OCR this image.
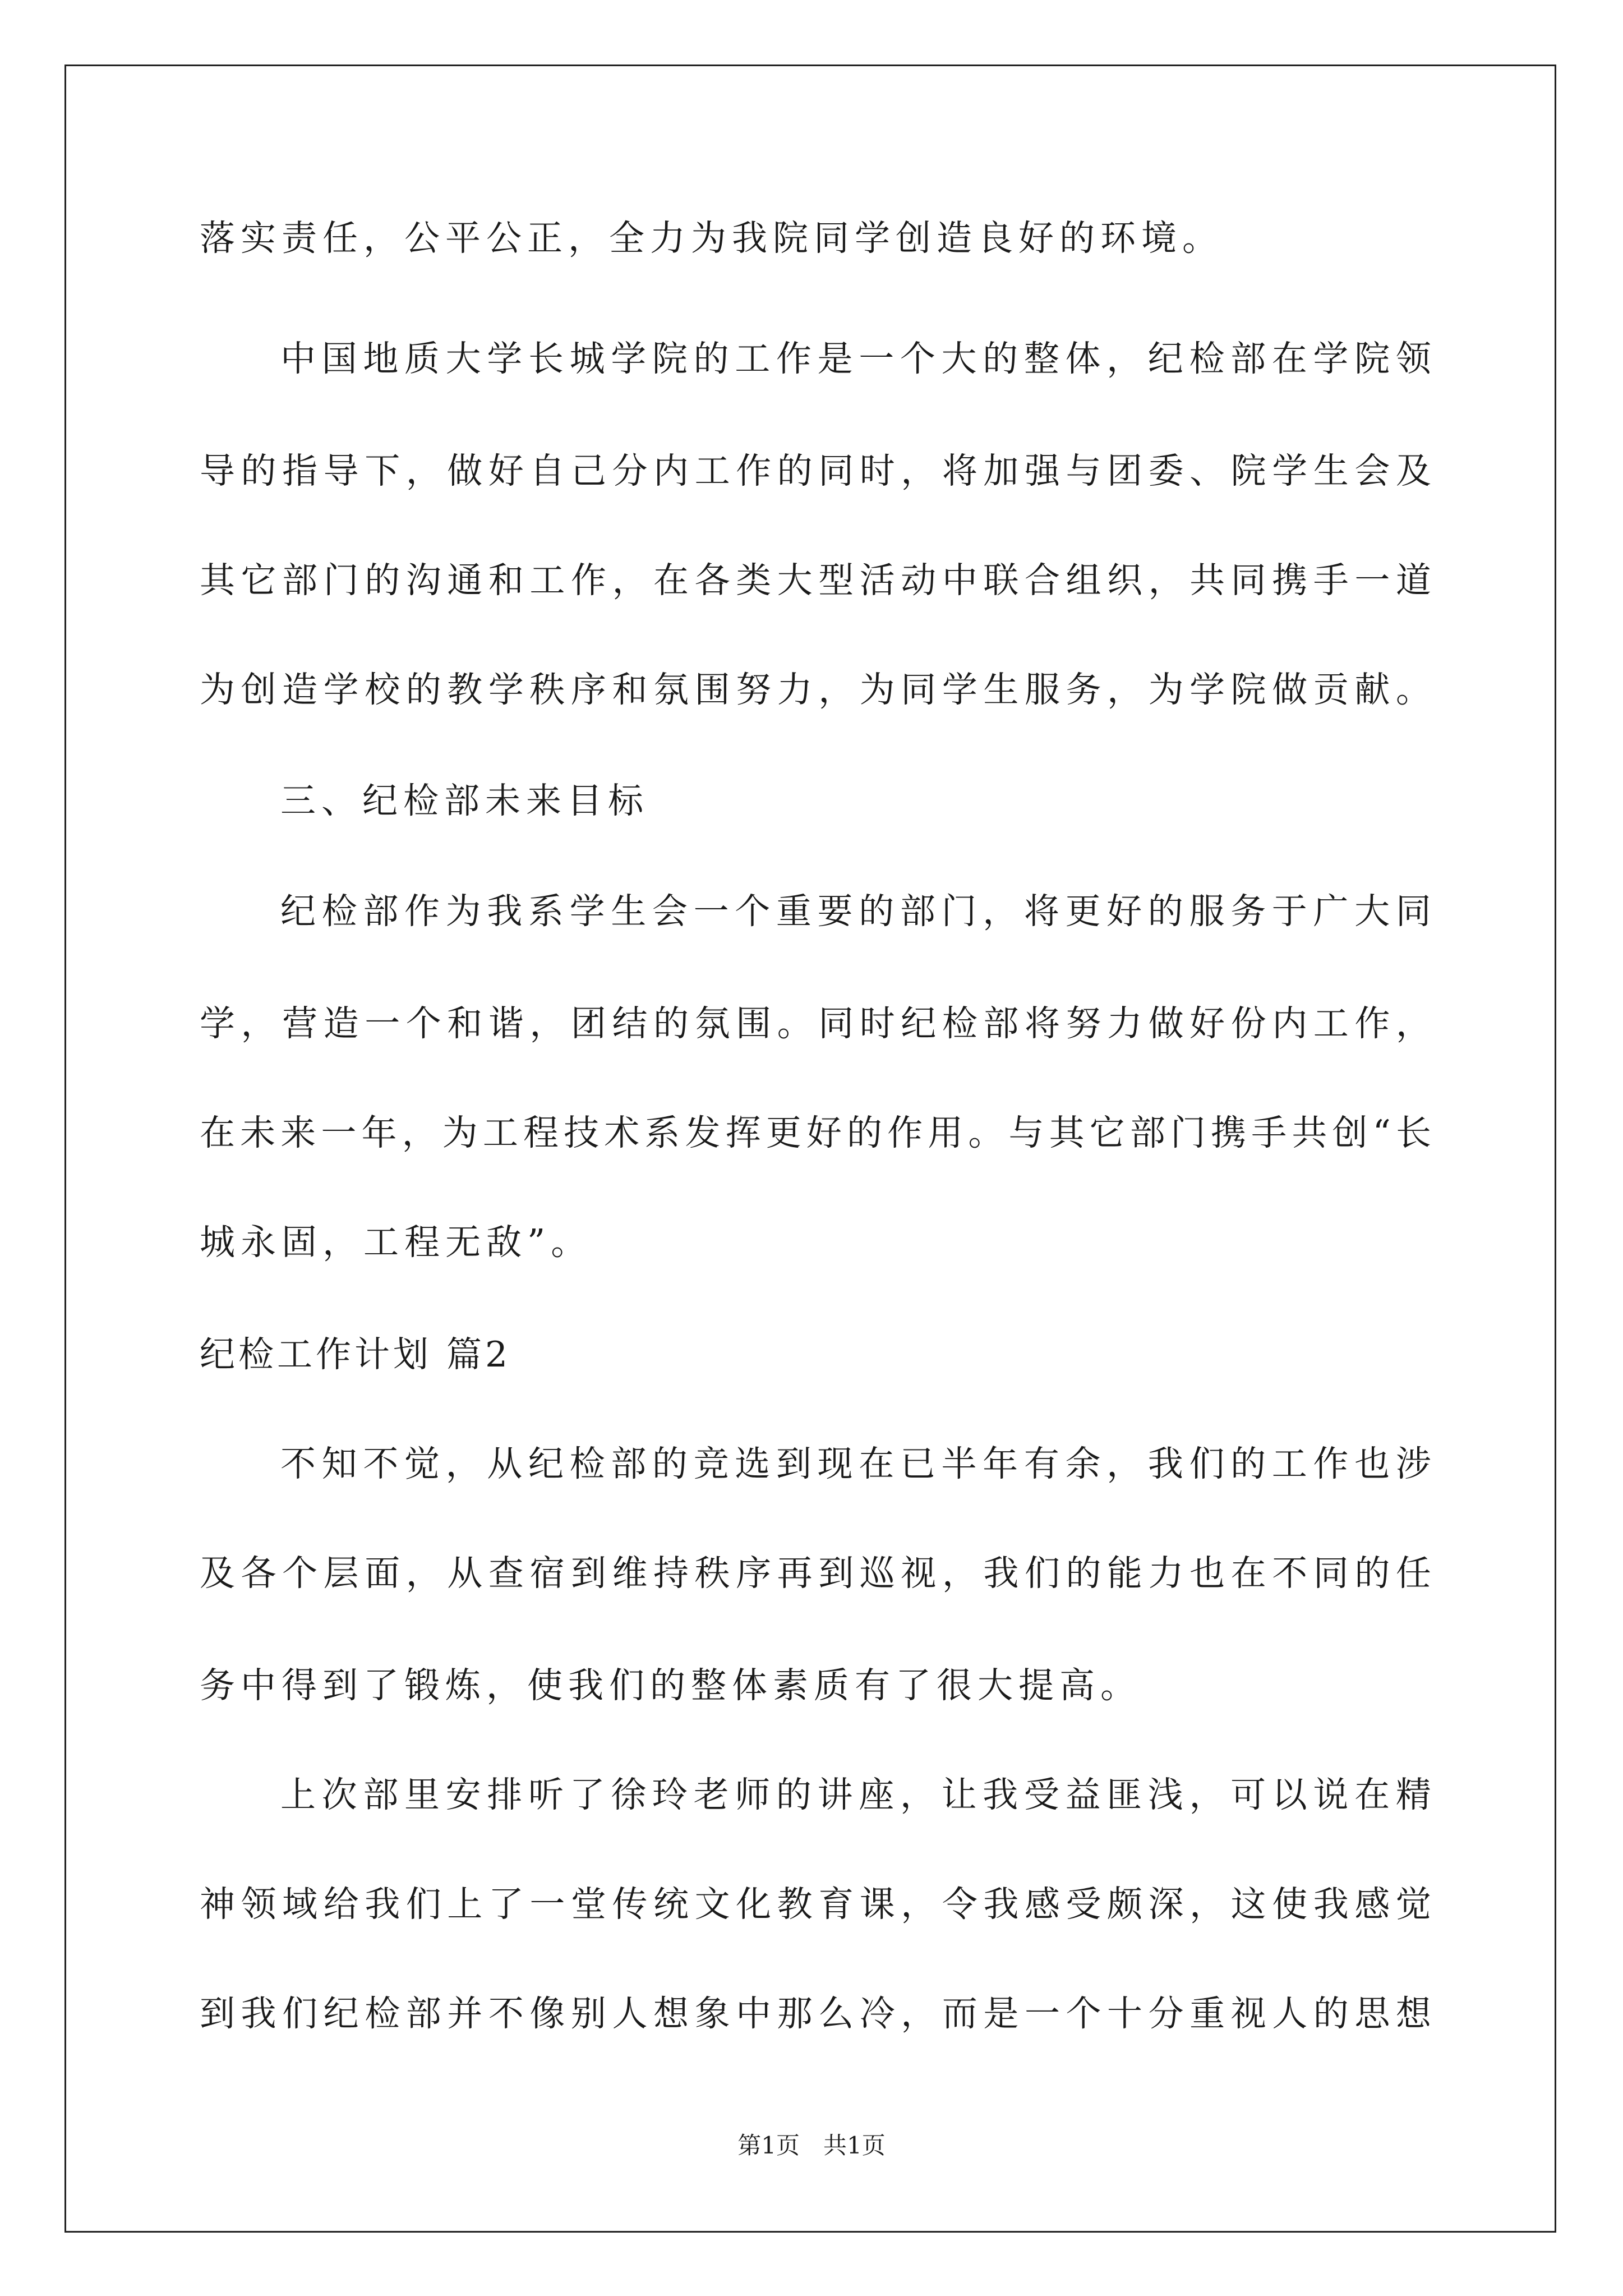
落实责任，公平公正，全力为我院同学创造良好的环境。
中 国 地 质 大 学 长 城 学 院 的 工 作 是 一 个 大 的 整 体 ， 纪 检 部 在 学 院 领
导 的 指 导 下 ， 做 好 自 己 分 内 工 作 的 同 时 ， 将 加 强 与 团 委 、 院 学 生 会 及
其 它 部 门 的 沟 通 和 工 作 ， 在 各 类 大 型 活 动 中 联 合 组 织 ， 共 同 携 手 一 道
为 创 造 学 校 的 教 学 秩 序 和 氛 围 努 力 ， 为 同 学 生 服 务 ， 为 学 院 做 贡 献 。
三、纪检部未来目标
纪 检 部 作 为 我 系 学 生 会 一 个 重 要 的 部 门 ， 将 更 好 的 服 务 于 广 大 同
学 ， 营 造 一 个 和 谐 ， 团 结 的 氛 围 。 同 时 纪 检 部 将 努 力 做 好 份 内 工 作 ，
在 未 来 一 年 ， 为 工 程 技 术 系 发 挥 更 好 的 作 用 。 与 其 它 部 门 携 手 共 创 “ 长
城永固，工程无敌”。
纪检工作计划 篇2
不 知 不 觉 ， 从 纪 检 部 的 竞 选 到 现 在 已 半 年 有 余 ， 我 们 的 工 作 也 涉
及 各 个 层 面 ， 从 查 宿 到 维 持 秩 序 再 到 巡 视 ， 我 们 的 能 力 也 在 不 同 的 任
务中得到了锻炼，使我们的整体素质有了很大提高。
上 次 部 里 安 排 听 了 徐 玲 老 师 的 讲 座 ， 让 我 受 益 匪 浅 ， 可 以 说 在 精
神 领 域 给 我 们 上 了 一 堂 传 统 文 化 教 育 课 ， 令 我 感 受 颇 深 ， 这 使 我 感 觉
到 我 们 纪 检 部 并 不 像 别 人 想 象 中 那 么 冷 ， 而 是 一 个 十 分 重 视 人 的 思 想
第1页　共1页
